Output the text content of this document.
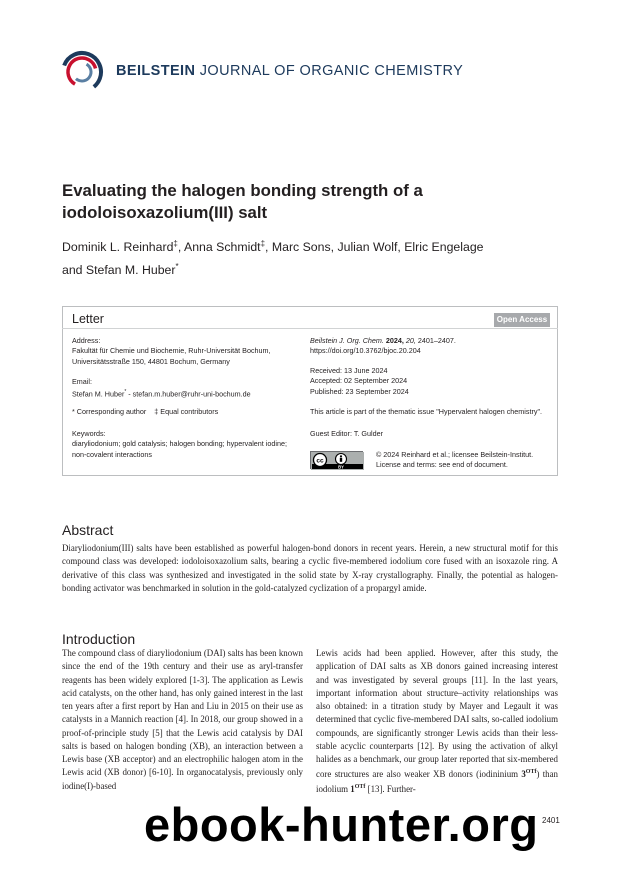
BEILSTEIN JOURNAL OF ORGANIC CHEMISTRY
Evaluating the halogen bonding strength of a iodoloisoxazolium(III) salt
Dominik L. Reinhard‡, Anna Schmidt‡, Marc Sons, Julian Wolf, Elric Engelage
and Stefan M. Huber*
Letter	Open Access
Address:
Fakultät für Chemie und Biochemie, Ruhr-Universität Bochum,
Universitätsstraße 150, 44801 Bochum, Germany
Email:
Stefan M. Huber* - stefan.m.huber@ruhr-uni-bochum.de
* Corresponding author    ‡ Equal contributors
Keywords:
diaryliodonium; gold catalysis; halogen bonding; hypervalent iodine;
non-covalent interactions
Beilstein J. Org. Chem. 2024, 20, 2401–2407.
https://doi.org/10.3762/bjoc.20.204
Received: 13 June 2024
Accepted: 02 September 2024
Published: 23 September 2024
This article is part of the thematic issue "Hypervalent halogen chemistry".
Guest Editor: T. Gulder
cc
BY
© 2024 Reinhard et al.; licensee Beilstein-Institut.
License and terms: see end of document.
Abstract

Diaryliodonium(III) salts have been established as powerful halogen-bond donors in recent years. Herein, a new structural motif for this compound class was developed: iodoloisoxazolium salts, bearing a cyclic five-membered iodolium core fused with an isoxazole ring. A derivative of this class was synthesized and investigated in the solid state by X-ray crystallography. Finally, the potential as halogen-bonding activator was benchmarked in solution in the gold-catalyzed cyclization of a propargyl amide.

Introduction

The compound class of diaryliodonium (DAI) salts has been known since the end of the 19th century and their use as aryl-transfer reagents has been widely explored [1-3]. The application as Lewis acid catalysts, on the other hand, has only gained interest in the last ten years after a first report by Han and Liu in 2015 on their use as catalysts in a Mannich reaction [4]. In 2018, our group showed in a proof-of-principle study [5] that the Lewis acid catalysis by DAI salts is based on halogen bonding (XB), an interaction between a Lewis base (XB acceptor) and an electrophilic halogen atom in the Lewis acid (XB donor) [6-10]. In organocatalysis, previously only iodine(I)-based

Lewis acids had been applied. However, after this study, the application of DAI salts as XB donors gained increasing interest and was investigated by several groups [11]. In the last years, important information about structure–activity relationships was also obtained: in a titration study by Mayer and Legault it was determined that cyclic five-membered DAI salts, so-called iodolium compounds, are significantly stronger Lewis acids than their less-stable acyclic counterparts [12]. By using the activation of alkyl halides as a benchmark, our group later reported that six-membered core structures are also weaker XB donors (iodininium $3^{OTf}$) than iodolium $1^{OTf}$ [13]. Further-

2401
ebook-hunter.org
